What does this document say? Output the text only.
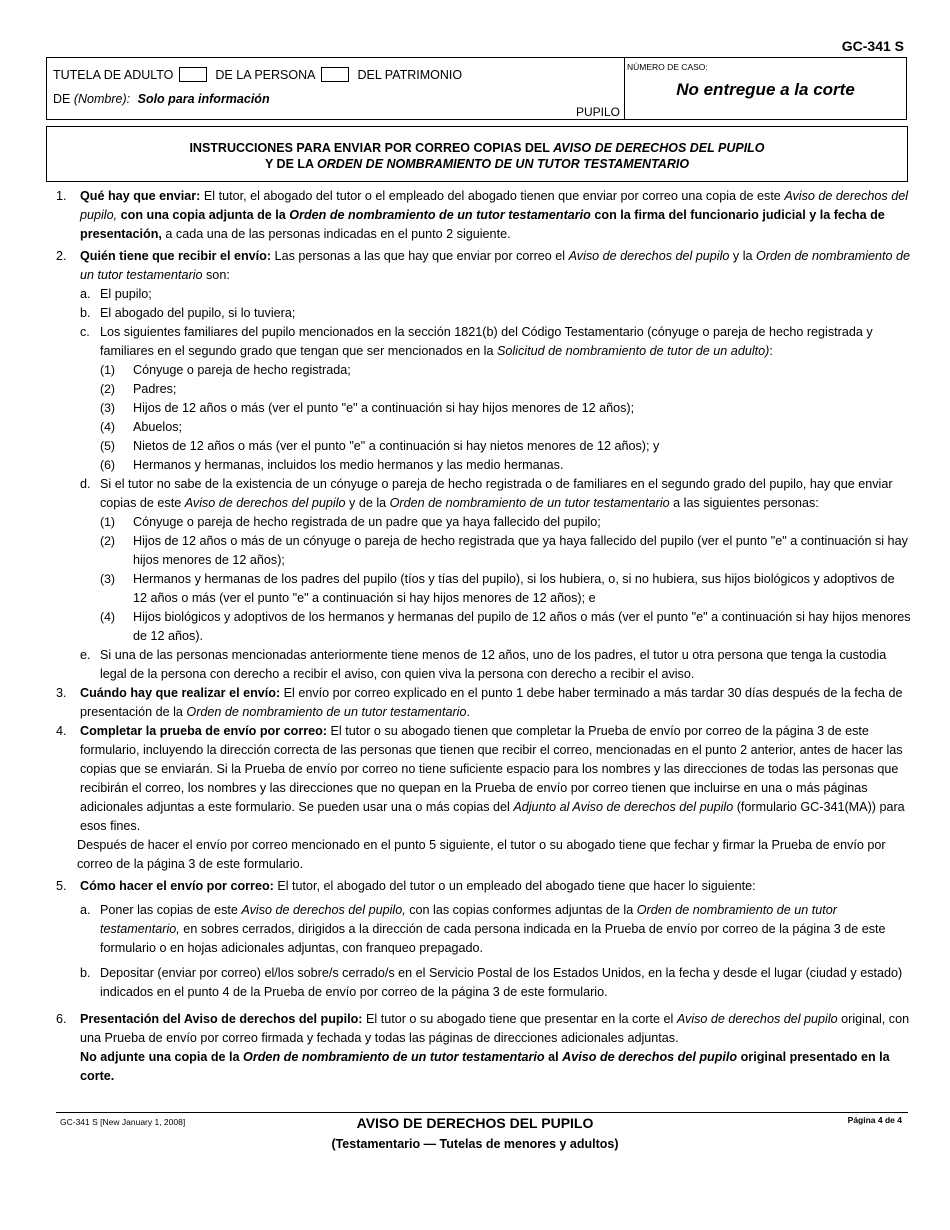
GC-341 S
TUTELA DE ADULTO	DE LA PERSONA	DEL PATRIMONIO
DE (Nombre): Solo para información
PUPILO
NÚMERO DE CASO:
No entregue a la corte
INSTRUCCIONES PARA ENVIAR POR CORREO COPIAS DEL AVISO DE DERECHOS DEL PUPILO
Y DE LA ORDEN DE NOMBRAMIENTO DE UN TUTOR TESTAMENTARIO
1.	Qué hay que enviar: El tutor, el abogado del tutor o el empleado del abogado tienen que enviar por correo una copia de este Aviso de derechos del pupilo, con una copia adjunta de la Orden de nombramiento de un tutor testamentario con la firma del funcionario judicial y la fecha de presentación, a cada una de las personas indicadas en el punto 2 siguiente.
2.	Quién tiene que recibir el envío: Las personas a las que hay que enviar por correo el Aviso de derechos del pupilo y la Orden de nombramiento de un tutor testamentario son:
a. El pupilo;
b. El abogado del pupilo, si lo tuviera;
c. Los siguientes familiares del pupilo mencionados en la sección 1821(b) del Código Testamentario (cónyuge o pareja de hecho registrada y familiares en el segundo grado que tengan que ser mencionados en la Solicitud de nombramiento de tutor de un adulto):
(1)	Cónyuge o pareja de hecho registrada;
(2)	Padres;
(3)	Hijos de 12 años o más (ver el punto "e" a continuación si hay hijos menores de 12 años);
(4)	Abuelos;
(5)	Nietos de 12 años o más (ver el punto "e" a continuación si hay nietos menores de 12 años); y
(6)	Hermanos y hermanas, incluidos los medio hermanos y las medio hermanas.
d. Si el tutor no sabe de la existencia de un cónyuge o pareja de hecho registrada o de familiares en el segundo grado del pupilo, hay que enviar copias de este Aviso de derechos del pupilo y de la Orden de nombramiento de un tutor testamentario a las siguientes personas:
(1)	Cónyuge o pareja de hecho registrada de un padre que ya haya fallecido del pupilo;
(2)	Hijos de 12 años o más de un cónyuge o pareja de hecho registrada que ya haya fallecido del pupilo (ver el punto "e" a continuación si hay hijos menores de 12 años);
(3)	Hermanos y hermanas de los padres del pupilo (tíos y tías del pupilo), si los hubiera, o, si no hubiera, sus hijos biológicos y adoptivos de 12 años o más (ver el punto "e" a continuación si hay hijos menores de 12 años); e
(4)	Hijos biológicos y adoptivos de los hermanos y hermanas del pupilo de 12 años o más (ver el punto "e" a continuación si hay hijos menores de 12 años).
e. Si una de las personas mencionadas anteriormente tiene menos de 12 años, uno de los padres, el tutor u otra persona que tenga la custodia legal de la persona con derecho a recibir el aviso, con quien viva la persona con derecho a recibir el aviso.
3.	Cuándo hay que realizar el envío: El envío por correo explicado en el punto 1 debe haber terminado a más tardar 30 días después de la fecha de presentación de la Orden de nombramiento de un tutor testamentario.
4.	Completar la prueba de envío por correo: El tutor o su abogado tienen que completar la Prueba de envío por correo de la página 3 de este formulario, incluyendo la dirección correcta de las personas que tienen que recibir el correo, mencionadas en el punto 2 anterior, antes de hacer las copias que se enviarán. Si la Prueba de envío por correo no tiene suficiente espacio para los nombres y las direcciones de todas las personas que recibirán el correo, los nombres y las direcciones que no quepan en la Prueba de envío por correo tienen que incluirse en una o más páginas adicionales adjuntas a este formulario. Se pueden usar una o más copias del Adjunto al Aviso de derechos del pupilo (formulario GC-341(MA)) para esos fines.
Después de hacer el envío por correo mencionado en el punto 5 siguiente, el tutor o su abogado tiene que fechar y firmar la Prueba de envío por correo de la página 3 de este formulario.
5.	Cómo hacer el envío por correo: El tutor, el abogado del tutor o un empleado del abogado tiene que hacer lo siguiente:
a. Poner las copias de este Aviso de derechos del pupilo, con las copias conformes adjuntas de la Orden de nombramiento de un tutor testamentario, en sobres cerrados, dirigidos a la dirección de cada persona indicada en la Prueba de envío por correo de la página 3 de este formulario o en hojas adicionales adjuntas, con franqueo prepagado.
b. Depositar (enviar por correo) el/los sobre/s cerrado/s en el Servicio Postal de los Estados Unidos, en la fecha y desde el lugar (ciudad y estado) indicados en el punto 4 de la Prueba de envío por correo de la página 3 de este formulario.
6.	Presentación del Aviso de derechos del pupilo: El tutor o su abogado tiene que presentar en la corte el Aviso de derechos del pupilo original, con una Prueba de envío por correo firmada y fechada y todas las páginas de direcciones adicionales adjuntas.
No adjunte una copia de la Orden de nombramiento de un tutor testamentario al Aviso de derechos del pupilo original presentado en la corte.
GC-341 S [New January 1, 2008]	AVISO DE DERECHOS DEL PUPILO
(Testamentario — Tutelas de menores y adultos)
Página 4 de 4
